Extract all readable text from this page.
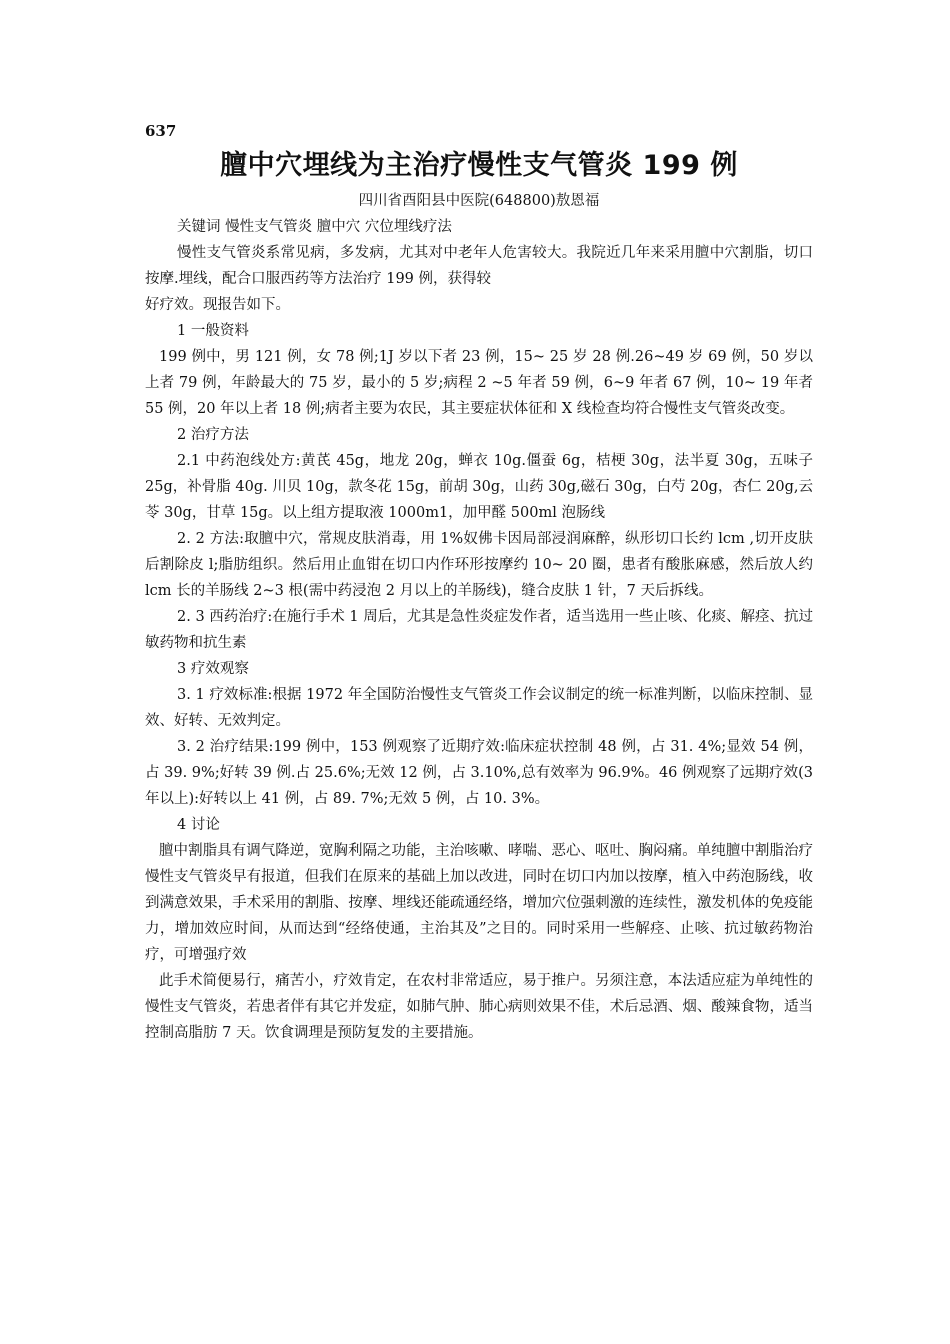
637
膻中穴埋线为主治疗慢性支气管炎 199 例
四川省酉阳县中医院(648800)敖恩福

关键词 慢性支气管炎 膻中穴 穴位埋线疗法

慢性支气管炎系常见病，多发病，尤其对中老年人危害较大。我院近几年来采用膻中穴割脂，切口按摩.埋线，配合口服西药等方法治疗 199 例，获得较
好疗效。现报告如下。

1 一般资料

199 例中，男 121 例，女 78 例;1J 岁以下者 23 例，15~ 25 岁 28 例.26~49 岁 69 例，50 岁以上者 79 例，年龄最大的 75 岁，最小的 5 岁;病程 2 ~5 年者 59 例，6~9 年者 67 例，10~ 19 年者 55 例，20 年以上者 18 例;病者主要为农民，其主要症状体征和 X 线检查均符合慢性支气管炎改变。

2 治疗方法

2.1 中药泡线处方:黄芪 45g，地龙 20g，蝉衣 10g.僵蚕 6g，桔梗 30g，法半夏 30g，五味子 25g，补骨脂 40g. 川贝 10g，款冬花 15g，前胡 30g，山药 30g,磁石 30g，白芍 20g，杏仁 20g,云苓 30g，甘草 15g。以上组方提取液 1000m1，加甲醛 500ml 泡肠线

2. 2 方法:取膻中穴，常规皮肤消毒，用 1%奴佛卡因局部浸润麻醉，纵形切口长约 lcm ,切开皮肤后割除皮 l;脂肪组织。然后用止血钳在切口内作环形按摩约 10~ 20 圈，患者有酸胀麻感，然后放人约 lcm 长的羊肠线 2~3 根(需中药浸泡 2 月以上的羊肠线)，缝合皮肤 1 针，7 天后拆线。

2. 3 西药治疗:在施行手术 1 周后，尤其是急性炎症发作者，适当选用一些止咳、化痰、解痉、抗过敏药物和抗生素

3 疗效观察

3. 1 疗效标准:根据 1972 年全国防治慢性支气管炎工作会议制定的统一标准判断，以临床控制、显效、好转、无效判定。

3. 2 治疗结果:199 例中，153 例观察了近期疗效:临床症状控制 48 例，占 31. 4%;显效 54 例，占 39. 9%;好转 39 例.占 25.6%;无效 12 例，占 3.10%,总有效率为 96.9%。46 例观察了远期疗效(3 年以上):好转以上 41 例，占 89. 7%;无效 5 例，占 10. 3%。

4 讨论

膻中割脂具有调气降逆，宽胸利隔之功能，主治咳嗽、哮喘、恶心、呕吐、胸闷痛。单纯膻中割脂治疗慢性支气管炎早有报道，但我们在原来的基础上加以改进，同时在切口内加以按摩，植入中药泡肠线，收到满意效果，手术采用的割脂、按摩、埋线还能疏通经络，增加穴位强刺激的连续性，激发机体的免疫能力，增加效应时间，从而达到“经络使通，主治其及”之目的。同时采用一些解痉、止咳、抗过敏药物治疗，可增强疗效

此手术简便易行，痛苦小，疗效肯定，在农村非常适应，易于推户。另须注意，本法适应症为单纯性的慢性支气管炎，若患者伴有其它并发症，如肺气肿、肺心病则效果不佳，术后忌酒、烟、酸辣食物，适当控制高脂肪 7 天。饮食调理是预防复发的主要措施。
